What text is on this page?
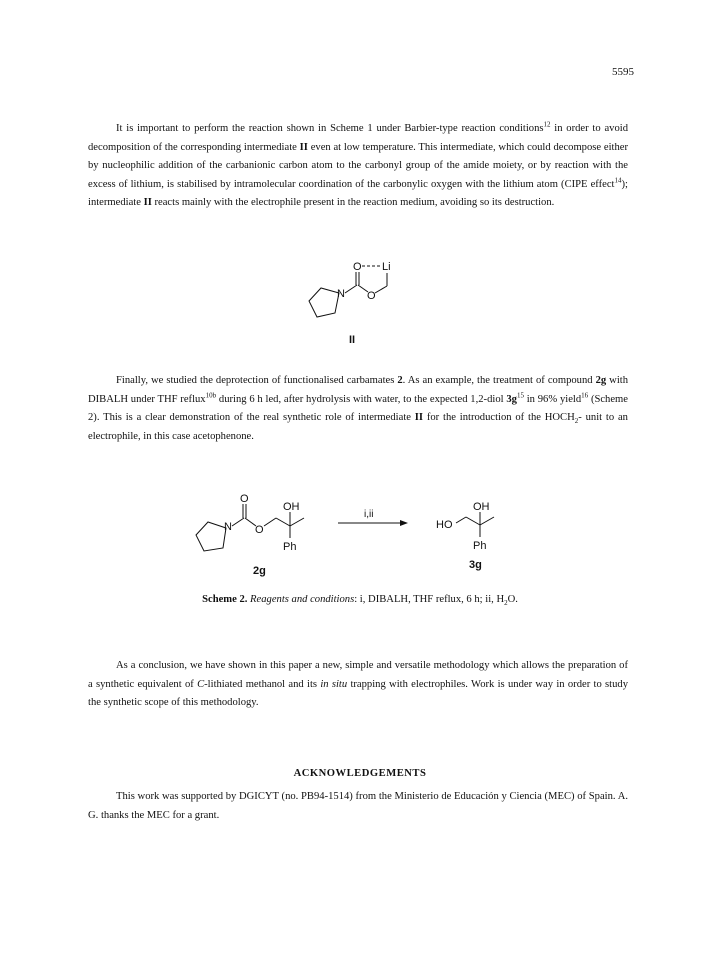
5595

It is important to perform the reaction shown in Scheme 1 under Barbier-type reaction conditions$^{12}$ in order to avoid decomposition of the corresponding intermediate II even at low temperature. This intermediate, which could decompose either by nucleophilic addition of the carbanionic carbon atom to the carbonyl group of the amide moiety, or by reaction with the excess of lithium, is stabilised by intramolecular coordination of the carbonylic oxygen with the lithium atom (CIPE effect$^{14}$); intermediate II reacts mainly with the electrophile present in the reaction medium, avoiding so its destruction.

O Li
N O
II

Finally, we studied the deprotection of functionalised carbamates 2. As an example, the treatment of compound 2g with DIBALH under THF reflux$^{10b}$ during 6 h led, after hydrolysis with water, to the expected 1,2-diol $3g^{15}$ in 96% yield$^{16}$ (Scheme 2). This is a clear demonstration of the real synthetic role of intermediate II for the introduction of the $HOCH_2-$ unit to an electrophile, in this case acetophenone.

O
N O
OH
Ph
2g
i,ii
HO
OH
Ph
3g
Scheme 2. Reagents and conditions: i, DIBALH, THF reflux, 6 h; ii, $H_2O$.

As a conclusion, we have shown in this paper a new, simple and versatile methodology which allows the preparation of a synthetic equivalent of C-lithiated methanol and its in situ trapping with electrophiles. Work is under way in order to study the synthetic scope of this methodology.

ACKNOWLEDGEMENTS

This work was supported by DGICYT (no. PB94-1514) from the Ministerio de Educación y Ciencia (MEC) of Spain. A. G. thanks the MEC for a grant.
